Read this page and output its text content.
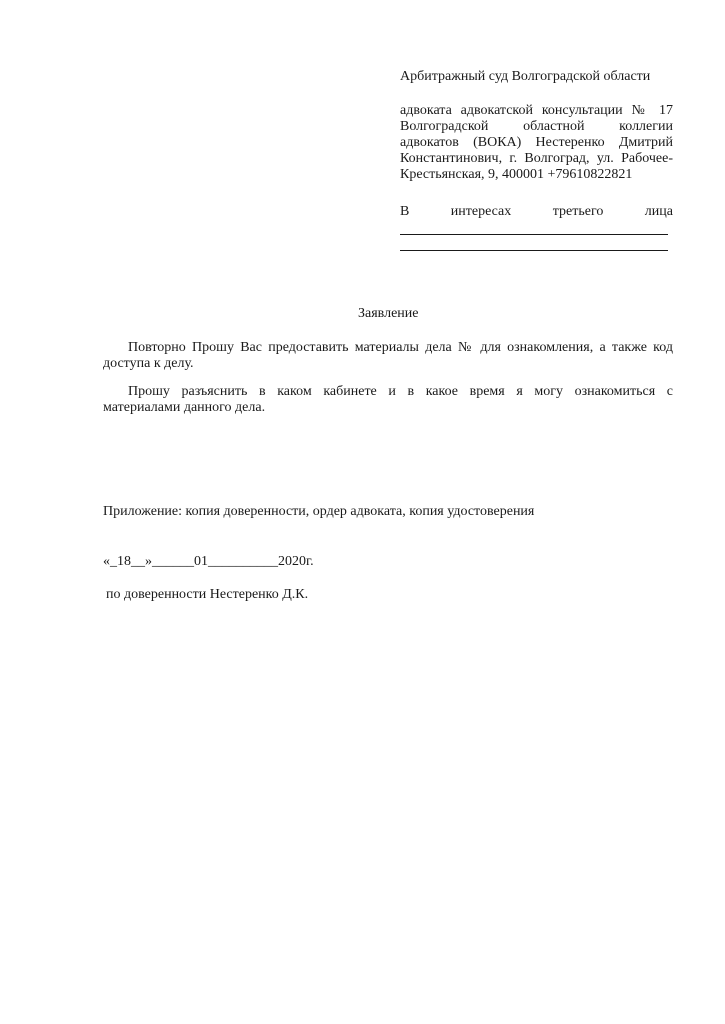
Арбитражный суд Волгоградской области
адвоката адвокатской консультации № 17
Волгоградской областной коллегии
адвокатов (ВОКА) Нестеренко Дмитрий
Константинович, г. Волгоград, ул. Рабочее-
Крестьянская, 9, 400001 +79610822821
В интересах третьего лица
Заявление
Повторно Прошу Вас предоставить материалы дела № для ознакомления, а также код
доступа к делу.
Прошу разъяснить в каком кабинете и в какое время я могу ознакомиться с
материалами данного дела.
Приложение: копия доверенности, ордер адвоката, копия удостоверения
«_18__»______01__________2020г.
по доверенности Нестеренко Д.К.
